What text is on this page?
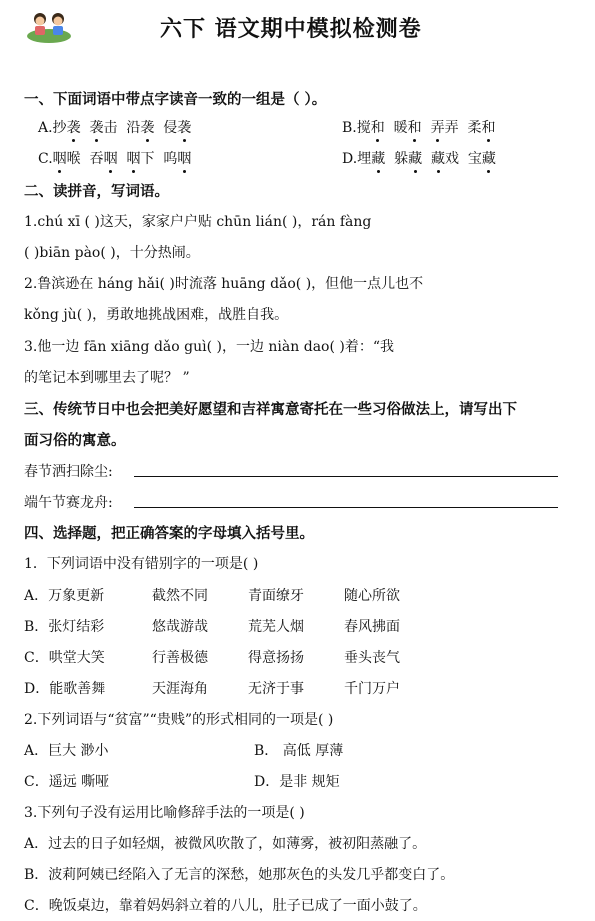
六下 语文期中模拟检测卷
一、下面词语中带点字读音一致的一组是（ ）。
A.抄袭 袭击  沿袭  侵袭	B.搅和  暖和 弄弄  柔和
C.咽喉  吞咽 咽下  呜咽	D.埋藏  躲藏 藏戏  宝藏
二、读拼音，写词语。
1.chú xī ( )这天，家家户户贴 chūn lián( )，rán fàng
( )biān pào( )，十分热闹。
2.鲁滨逊在 háng hǎi( )时流落 huāng dǎo( )，但他一点儿也不
kǒng jù( )，勇敢地挑战困难，战胜自我。
3.他一边 fān xiāng dǎo guì( )，一边 niàn dao( )着：“我
的笔记本到哪里去了呢？ ”
三、传统节日中也会把美好愿望和吉祥寓意寄托在一些习俗做法上，请写出下
面习俗的寓意。
春节洒扫除尘:
端午节赛龙舟:
四、选择题，把正确答案的字母填入括号里。
1．下列词语中没有错别字的一项是( )
A．万象更新	截然不同	青面缭牙	随心所欲
B．张灯结彩	悠哉游哉	荒芜人烟	春风拂面
C．哄堂大笑	行善极德	得意扬扬	垂头丧气
D．能歌善舞	天涯海角	无济于事	千门万户
2.下列词语与“贫富”“贵贱”的形式相同的一项是( )
A．巨大 渺小	B． 高低 厚薄
C．遥远 嘶哑	D．是非 规矩
3.下列句子没有运用比喻修辞手法的一项是( )
A．过去的日子如轻烟，被微风吹散了，如薄雾，被初阳蒸融了。
B．波莉阿姨已经陷入了无言的深愁，她那灰色的头发几乎都变白了。
C．晚饭桌边，靠着妈妈斜立着的八儿，肚子已成了一面小鼓了。
